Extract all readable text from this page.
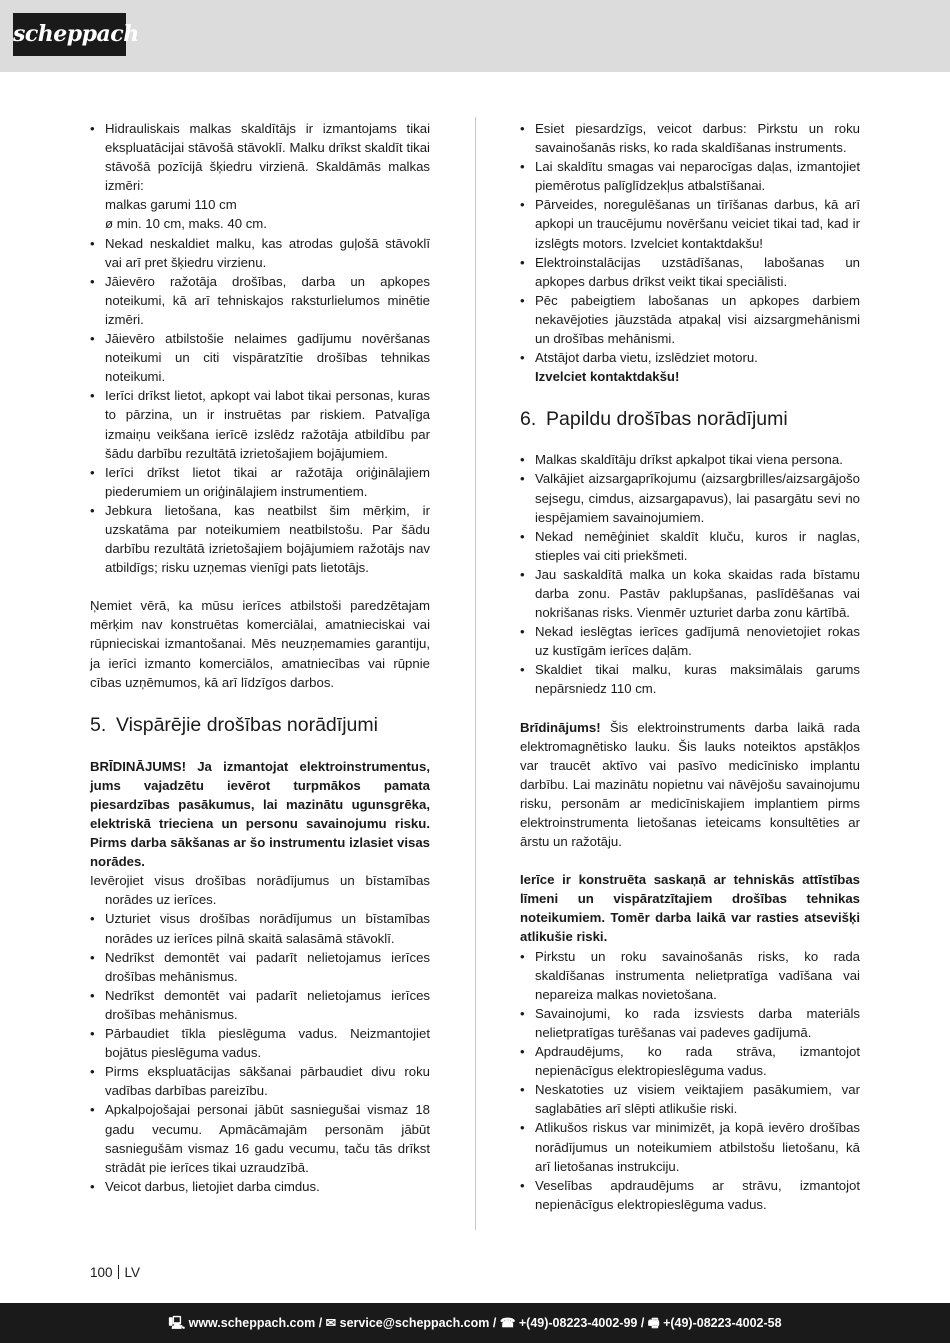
scheppach
• Hidrauliskais malkas skaldītājs ir izmantojams tikai ekspluatācijai stāvošā stāvoklī. Malku drīkst skaldīt tikai stāvošā pozīcijā šķiedru virzienā. Skaldāmās malkas izmēri:
malkas garumi 110 cm
ø min. 10 cm, maks. 40 cm.
• Nekad neskaldiet malku, kas atrodas guļošā stāvoklī vai arī pret šķiedru virzienu.
• Jāievēro ražotāja drošības, darba un apkopes noteikumi, kā arī tehniskajos raksturlielumos minētie izmēri.
• Jāievēro atbilstošie nelaimes gadījumu novēršanas noteikumi un citi vispāratzītie drošības tehnikas noteikumi.
• Ierīci drīkst lietot, apkopt vai labot tikai personas, kuras to pārzina, un ir instruētas par riskiem. Patvaļīga izmaiņu veikšana ierīcē izslēdz ražotāja atbildību par šādu darbību rezultātā izrietošajiem bojājumiem.
• Ierīci drīkst lietot tikai ar ražotāja oriģinālajiem piederumiem un oriģinālajiem instrumentiem.
• Jebkura lietošana, kas neatbilst šim mērķim, ir uzskatāma par noteikumiem neatbilstošu. Par šādu darbību rezultātā izrietošajiem bojājumiem ražotājs nav atbildīgs; risku uzņemas vienīgi pats lietotājs.

Ņemiet vērā, ka mūsu ierīces atbilstoši paredzētajam mērķim nav konstruētas komerciālai, amatnieciskai vai rūpnieciskai izmantošanai. Mēs neuzņemamies garantiju, ja ierīci izmanto komerciālos, amatniecības vai rūpnie cības uzņēmumos, kā arī līdzīgos darbos.

5. Vispārējie drošības norādījumi

BRĪDINĀJUMS! Ja izmantojat elektroinstrumentus, jums vajadzētu ievērot turpmākos pamata piesardzības pasākumus, lai mazinātu ugunsgrēka, elektriskā trieciena un personu savainojumu risku. Pirms darba sākšanas ar šo instrumentu izlasiet visas norādes.

Ievērojiet visus drošības norādījumus un bīstamības norādes uz ierīces.

• Uzturiet visus drošības norādījumus un bīstamības norādes uz ierīces pilnā skaitā salasāmā stāvoklī.
• Nedrīkst demontēt vai padarīt nelietojamus ierīces drošības mehānismus.
• Nedrīkst demontēt vai padarīt nelietojamus ierīces drošības mehānismus.
• Pārbaudiet tīkla pieslēguma vadus. Neizmantojiet bojātus pieslēguma vadus.
• Pirms ekspluatācijas sākšanai pārbaudiet divu roku vadības darbības pareizību.
• Apkalpojošajai personai jābūt sasniegušai vismaz 18 gadu vecumu. Apmācāmajām personām jābūt sasniegušām vismaz 16 gadu vecumu, taču tās drīkst strādāt pie ierīces tikai uzraudzībā.
• Veicot darbus, lietojiet darba cimdus.
• Esiet piesardzīgs, veicot darbus: Pirkstu un roku savainošanās risks, ko rada skaldīšanas instruments.
• Lai skaldītu smagas vai neparocīgas daļas, izmantojiet piemērotus palīglīdzekļus atbalstīšanai.
• Pārveides, noregulēšanas un tīrīšanas darbus, kā arī apkopi un traucējumu novēršanu veiciet tikai tad, kad ir izslēgts motors. Izvelciet kontaktdakšu!
• Elektroinstalācijas uzstādīšanas, labošanas un apkopes darbus drīkst veikt tikai speciālisti.
• Pēc pabeigtiem labošanas un apkopes darbiem nekavējoties jāuzstāda atpakaļ visi aizsargmehānismi un drošības mehānismi.
• Atstājot darba vietu, izslēdziet motoru.
Izvelciet kontaktdakšu!
6. Papildu drošības norādījumi
• Malkas skaldītāju drīkst apkalpot tikai viena persona.
• Valkājiet aizsargaprīkojumu (aizsargbrilles/aizsargājošo sejsegu, cimdus, aizsargapavus), lai pasargātu sevi no iespējamiem savainojumiem.
• Nekad nemēģiniet skaldīt kluču, kuros ir naglas, stieples vai citi priekšmeti.
• Jau saskaldītā malka un koka skaidas rada bīstamu darba zonu. Pastāv paklupšanas, paslīdēšanas vai nokrišanas risks. Vienmēr uzturiet darba zonu kārtībā.
• Nekad ieslēgtas ierīces gadījumā nenovietojiet rokas uz kustīgām ierīces daļām.
• Skaldiet tikai malku, kuras maksimālais garums nepārsniedz 110 cm.

Brīdinājums! Šis elektroinstruments darba laikā rada elektromagnētisko lauku. Šis lauks noteiktos apstākļos var traucēt aktīvo vai pasīvo medicīnisko implantu darbību. Lai mazinātu nopietnu vai nāvējošu savainojumu risku, personām ar medicīniskajiem implantiem pirms elektroinstrumenta lietošanas ieteicams konsultēties ar ārstu un ražotāju.

Ierīce ir konstruēta saskaņā ar tehniskās attīstības līmeni un vispāratzītajiem drošības tehnikas noteikumiem. Tomēr darba laikā var rasties atsevišķi atlikušie riski.

• Pirkstu un roku savainošanās risks, ko rada skaldīšanas instrumenta nelietpratīga vadīšana vai nepareiza malkas novietošana.
• Savainojumi, ko rada izsviests darba materiāls nelietpratīgas turēšanas vai padeves gadījumā.
• Apdraudējums, ko rada strāva, izmantojot nepienācīgus elektropieslēguma vadus.
• Neskatoties uz visiem veiktajiem pasākumiem, var saglabāties arī slēpti atlikušie riski.
• Atlikušos riskus var minimizēt, ja kopā ievēro drošības norādījumus un noteikumiem atbilstošu lietošanu, kā arī lietošanas instrukciju.
• Veselības apdraudējums ar strāvu, izmantojot nepienācīgus elektropieslēguma vadus.
100 LV
🖳︎ www.scheppach.com / ✉︎ service@scheppach.com / ☎︎ +(49)-08223-4002-99 / 🖷︎ +(49)-08223-4002-58
